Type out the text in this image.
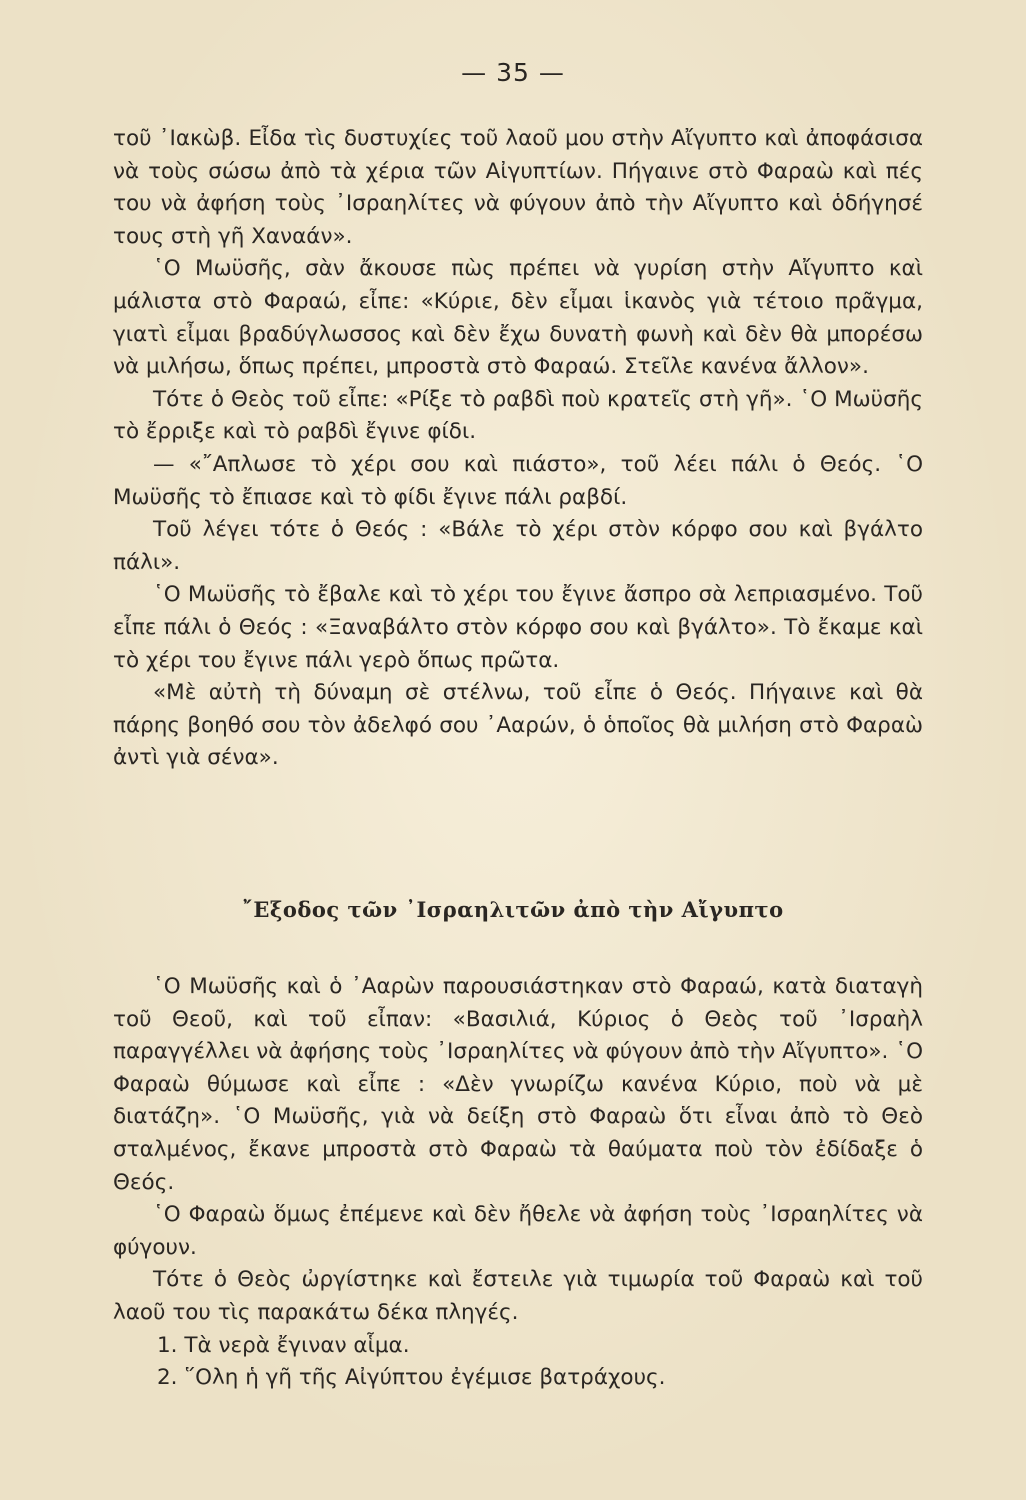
— 35 —

τοῦ ᾽Ιακὼβ. Εἶδα τὶς δυστυχίες τοῦ λαοῦ μου στὴν Αἴγυπτο καὶ ἀποφάσισα νὰ τοὺς σώσω ἀπὸ τὰ χέρια τῶν Αἰγυπτίων. Πήγαινε στὸ Φαραὼ καὶ πές του νὰ ἀφήση τοὺς ᾽Ισραηλίτες νὰ φύγουν ἀπὸ τὴν Αἴγυπτο καὶ ὁδήγησέ τους στὴ γῆ Χαναάν».

῾Ο Μωϋσῆς, σὰν ἄκουσε πὼς πρέπει νὰ γυρίση στὴν Αἴγυπτο καὶ μάλιστα στὸ Φαραώ, εἶπε: «Κύριε, δὲν εἶμαι ἱκανὸς γιὰ τέτοιο πρᾶγμα, γιατὶ εἶμαι βραδύγλωσσος καὶ δὲν ἔχω δυνατὴ φωνὴ καὶ δὲν θὰ μπορέσω νὰ μιλήσω, ὅπως πρέπει, μπροστὰ στὸ Φαραώ. Στεῖλε κανένα ἄλλον».

Τότε ὁ Θεὸς τοῦ εἶπε: «Ρίξε τὸ ραβδὶ ποὺ κρατεῖς στὴ γῆ». ῾Ο Μωϋσῆς τὸ ἔρριξε καὶ τὸ ραβδὶ ἔγινε φίδι.

— «῎Απλωσε τὸ χέρι σου καὶ πιάστο», τοῦ λέει πάλι ὁ Θεός. ῾Ο Μωϋσῆς τὸ ἔπιασε καὶ τὸ φίδι ἔγινε πάλι ραβδί.

Τοῦ λέγει τότε ὁ Θεός : «Βάλε τὸ χέρι στὸν κόρφο σου καὶ βγάλτο πάλι».

῾Ο Μωϋσῆς τὸ ἔβαλε καὶ τὸ χέρι του ἔγινε ἄσπρο σὰ λεπριασμένο. Τοῦ εἶπε πάλι ὁ Θεός : «Ξαναβάλτο στὸν κόρφο σου καὶ βγάλτο». Τὸ ἔκαμε καὶ τὸ χέρι του ἔγινε πάλι γερὸ ὅπως πρῶτα.

«Μὲ αὐτὴ τὴ δύναμη σὲ στέλνω, τοῦ εἶπε ὁ Θεός. Πήγαινε καὶ θὰ πάρης βοηθό σου τὸν ἀδελφό σου ᾽Ααρών, ὁ ὁποῖος θὰ μιλήση στὸ Φαραὼ ἀντὶ γιὰ σένα».

῎Εξοδος τῶν ᾽Ισραηλιτῶν ἀπὸ τὴν Αἴγυπτο

῾Ο Μωϋσῆς καὶ ὁ ᾽Ααρὼν παρουσιάστηκαν στὸ Φαραώ, κατὰ διαταγὴ τοῦ Θεοῦ, καὶ τοῦ εἶπαν: «Βασιλιά, Κύριος ὁ Θεὸς τοῦ ᾽Ισραὴλ παραγγέλλει νὰ ἀφήσης τοὺς ᾽Ισραηλίτες νὰ φύγουν ἀπὸ τὴν Αἴγυπτο». ῾Ο Φαραὼ θύμωσε καὶ εἶπε : «Δὲν γνωρίζω κανένα Κύριο, ποὺ νὰ μὲ διατάζη». ῾Ο Μωϋσῆς, γιὰ νὰ δείξη στὸ Φαραὼ ὅτι εἶναι ἀπὸ τὸ Θεὸ σταλμένος, ἔκανε μπροστὰ στὸ Φαραὼ τὰ θαύματα ποὺ τὸν ἐδίδαξε ὁ Θεός.

῾Ο Φαραὼ ὅμως ἐπέμενε καὶ δὲν ἤθελε νὰ ἀφήση τοὺς ᾽Ισραηλίτες νὰ φύγουν.

Τότε ὁ Θεὸς ὠργίστηκε καὶ ἔστειλε γιὰ τιμωρία τοῦ Φαραὼ καὶ τοῦ λαοῦ του τὶς παρακάτω δέκα πληγές.

1. Τὰ νερὰ ἔγιναν αἷμα.

2. ῞Ολη ἡ γῆ τῆς Αἰγύπτου ἐγέμισε βατράχους.
